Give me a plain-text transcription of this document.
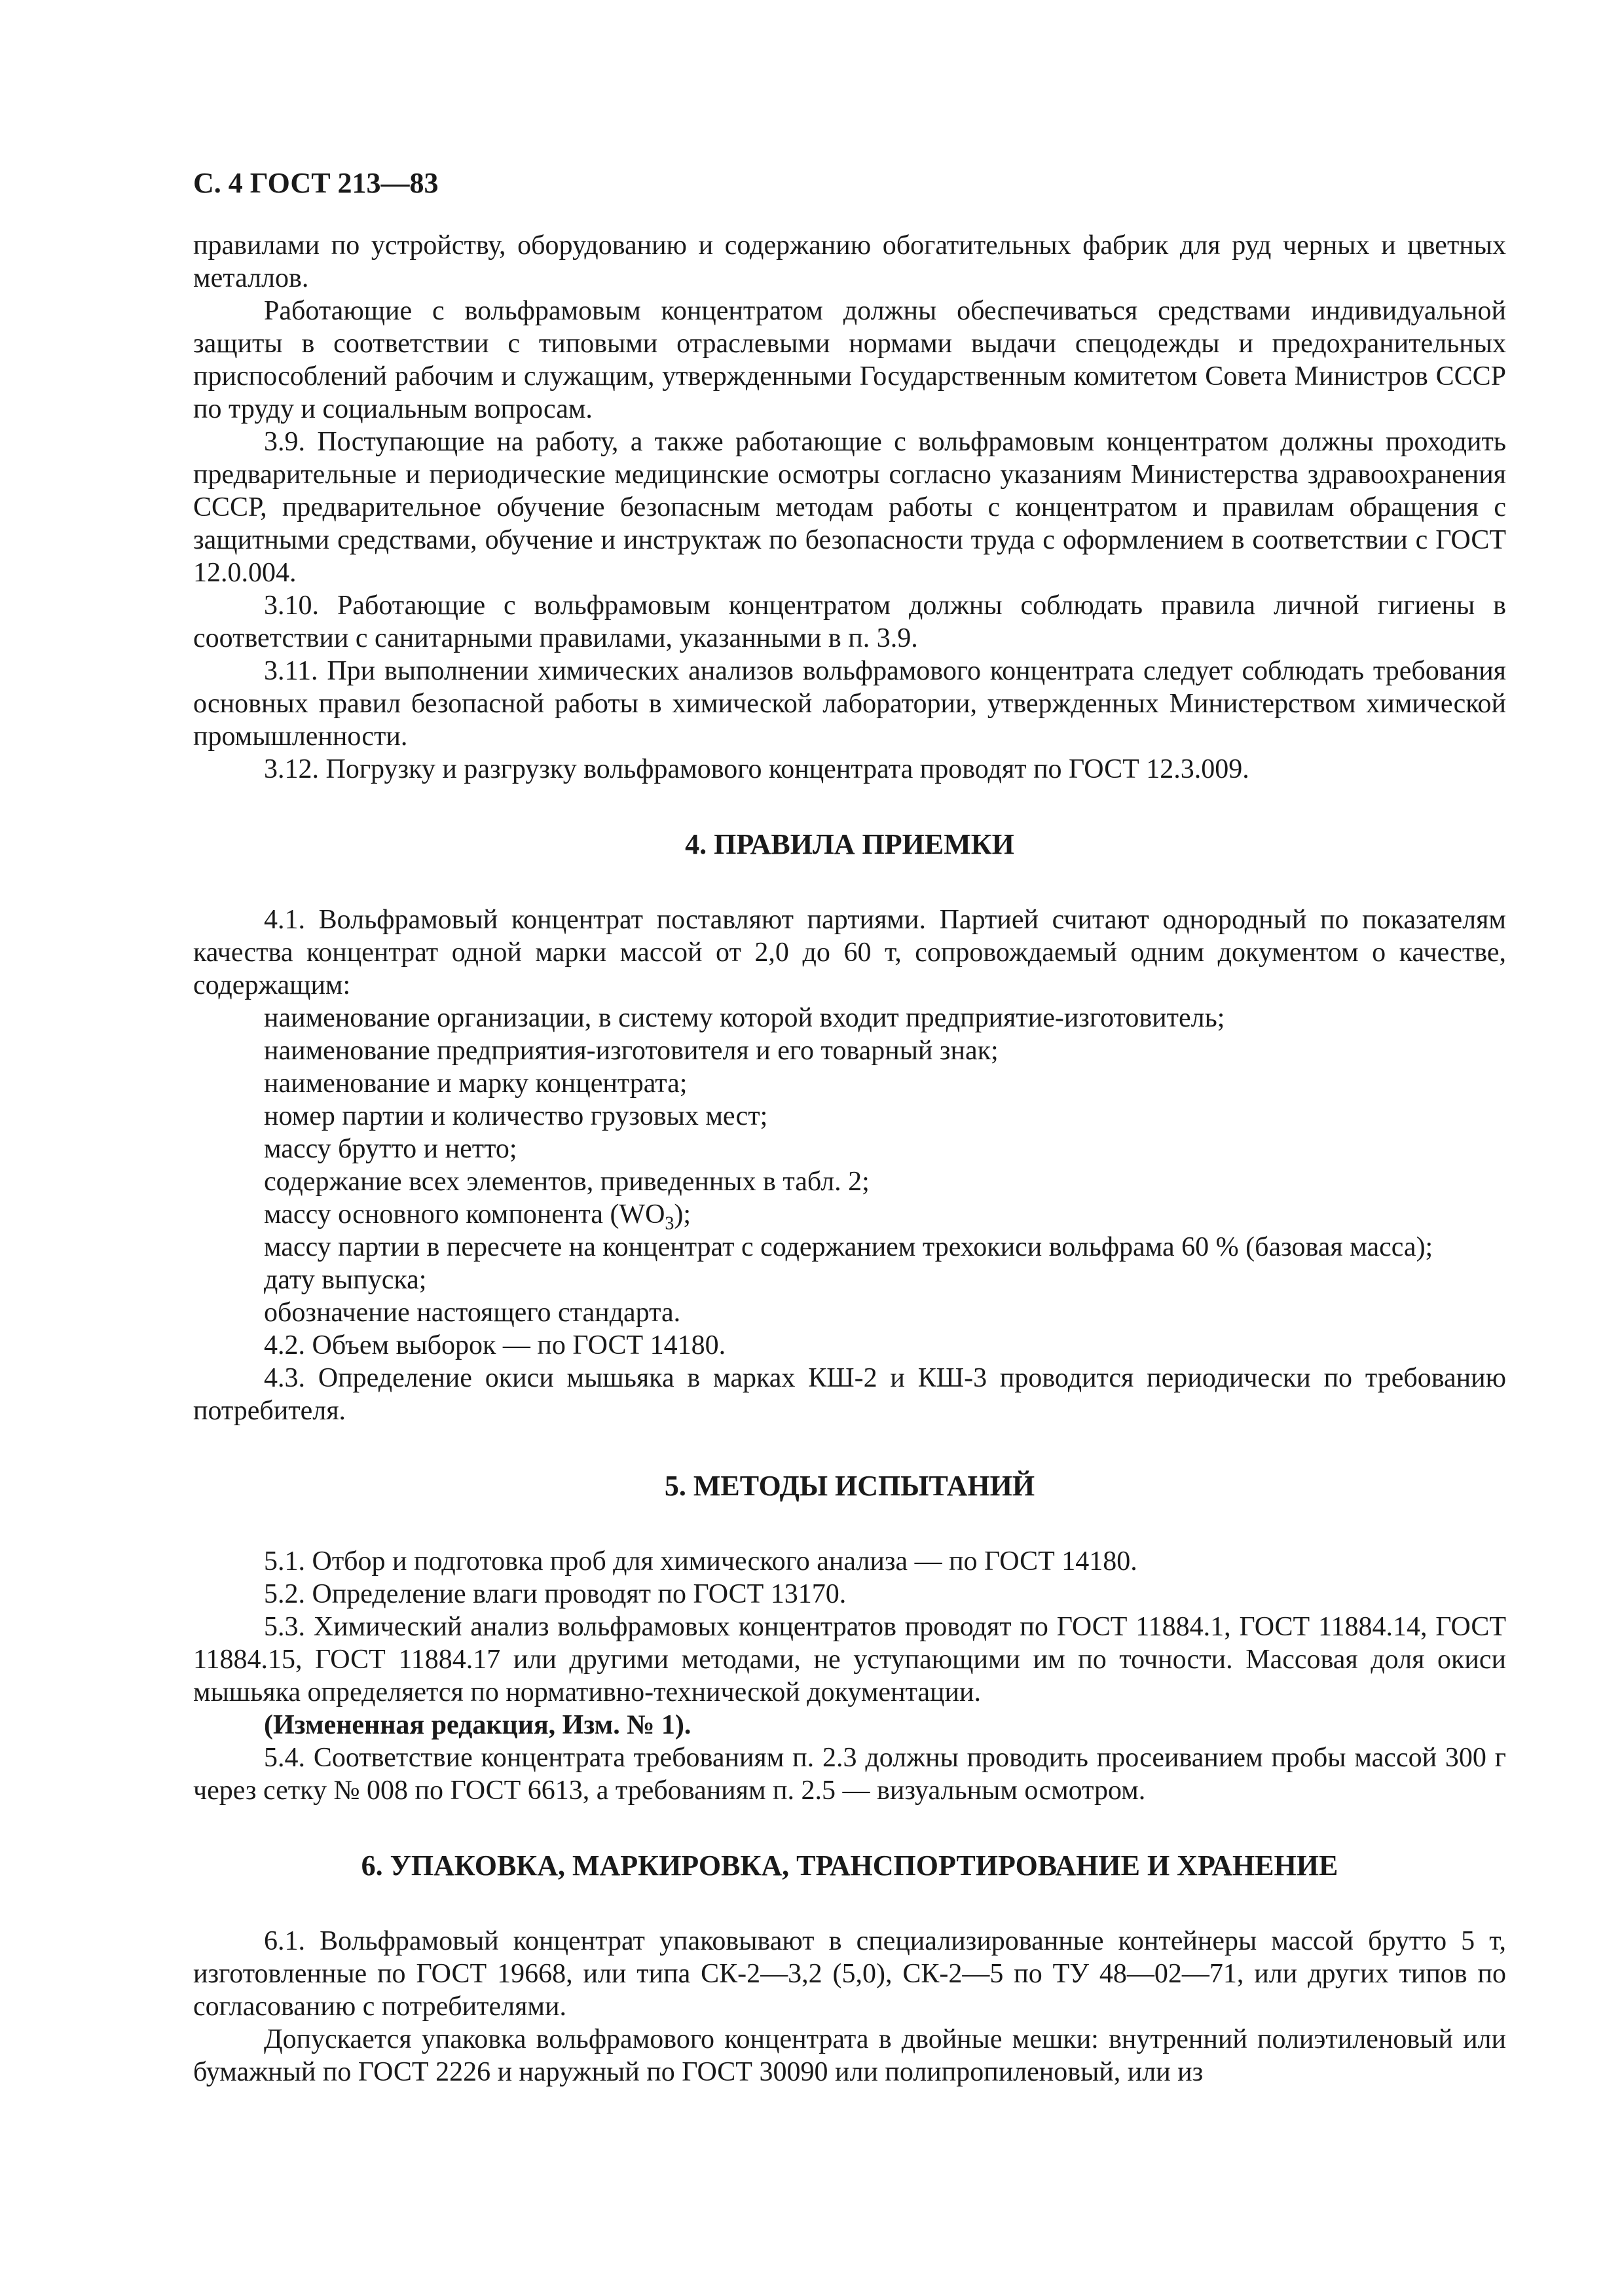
С. 4 ГОСТ 213—83

правилами по устройству, оборудованию и содержанию обогатительных фабрик для руд черных и цветных металлов.

Работающие с вольфрамовым концентратом должны обеспечиваться средствами индивидуальной защиты в соответствии с типовыми отраслевыми нормами выдачи спецодежды и предохранительных приспособлений рабочим и служащим, утвержденными Государственным комитетом Совета Министров СССР по труду и социальным вопросам.

3.9. Поступающие на работу, а также работающие с вольфрамовым концентратом должны проходить предварительные и периодические медицинские осмотры согласно указаниям Министерства здравоохранения СССР, предварительное обучение безопасным методам работы с концентратом и правилам обращения с защитными средствами, обучение и инструктаж по безопасности труда с оформлением в соответствии с ГОСТ 12.0.004.

3.10. Работающие с вольфрамовым концентратом должны соблюдать правила личной гигиены в соответствии с санитарными правилами, указанными в п. 3.9.

3.11. При выполнении химических анализов вольфрамового концентрата следует соблюдать требования основных правил безопасной работы в химической лаборатории, утвержденных Министерством химической промышленности.

3.12. Погрузку и разгрузку вольфрамового концентрата проводят по ГОСТ 12.3.009.

4. ПРАВИЛА ПРИЕМКИ

4.1. Вольфрамовый концентрат поставляют партиями. Партией считают однородный по показателям качества концентрат одной марки массой от 2,0 до 60 т, сопровождаемый одним документом о качестве, содержащим:

наименование организации, в систему которой входит предприятие-изготовитель;
наименование предприятия-изготовителя и его товарный знак;
наименование и марку концентрата;
номер партии и количество грузовых мест;
массу брутто и нетто;
содержание всех элементов, приведенных в табл. 2;
массу основного компонента $(WO_3)$;

массу партии в пересчете на концентрат с содержанием трехокиси вольфрама 60 % (базовая масса);

дату выпуска;
обозначение настоящего стандарта.

4.2. Объем выборок — по ГОСТ 14180.

4.3. Определение окиси мышьяка в марках КШ-2 и КШ-3 проводится периодически по требованию потребителя.

5. МЕТОДЫ ИСПЫТАНИЙ

5.1. Отбор и подготовка проб для химического анализа — по ГОСТ 14180.

5.2. Определение влаги проводят по ГОСТ 13170.

5.3. Химический анализ вольфрамовых концентратов проводят по ГОСТ 11884.1, ГОСТ 11884.14, ГОСТ 11884.15, ГОСТ 11884.17 или другими методами, не уступающими им по точности. Массовая доля окиси мышьяка определяется по нормативно-технической документации.

(Измененная редакция, Изм. № 1).

5.4. Соответствие концентрата требованиям п. 2.3 должны проводить просеиванием пробы массой 300 г через сетку № 008 по ГОСТ 6613, а требованиям п. 2.5 — визуальным осмотром.

6. УПАКОВКА, МАРКИРОВКА, ТРАНСПОРТИРОВАНИЕ И ХРАНЕНИЕ

6.1. Вольфрамовый концентрат упаковывают в специализированные контейнеры массой брутто 5 т, изготовленные по ГОСТ 19668, или типа СК-2—3,2 (5,0), СК-2—5 по ТУ 48—02—71, или других типов по согласованию с потребителями.

Допускается упаковка вольфрамового концентрата в двойные мешки: внутренний полиэтиленовый или бумажный по ГОСТ 2226 и наружный по ГОСТ 30090 или полипропиленовый, или из
